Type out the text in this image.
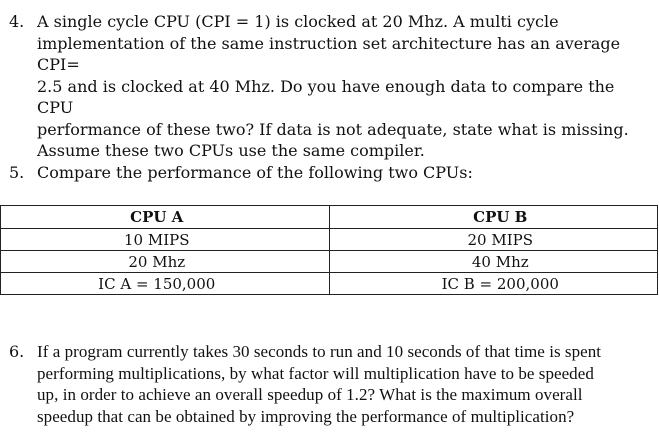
4. A single cycle CPU (CPI = 1) is clocked at 20 Mhz. A multi cycle
implementation of the same instruction set architecture has an average CPI=
2.5 and is clocked at 40 Mhz. Do you have enough data to compare the CPU
performance of these two? If data is not adequate, state what is missing.
Assume these two CPUs use the same compiler.
5. Compare the performance of the following two CPUs:
CPU A	CPU B
10 MIPS	20 MIPS
20 Mhz	40 Mhz
IC A = 150,000	IC B = 200,000
6. If a program currently takes 30 seconds to run and 10 seconds of that time is spent
performing multiplications, by what factor will multiplication have to be speeded
up, in order to achieve an overall speedup of 1.2? What is the maximum overall
speedup that can be obtained by improving the performance of multiplication?
